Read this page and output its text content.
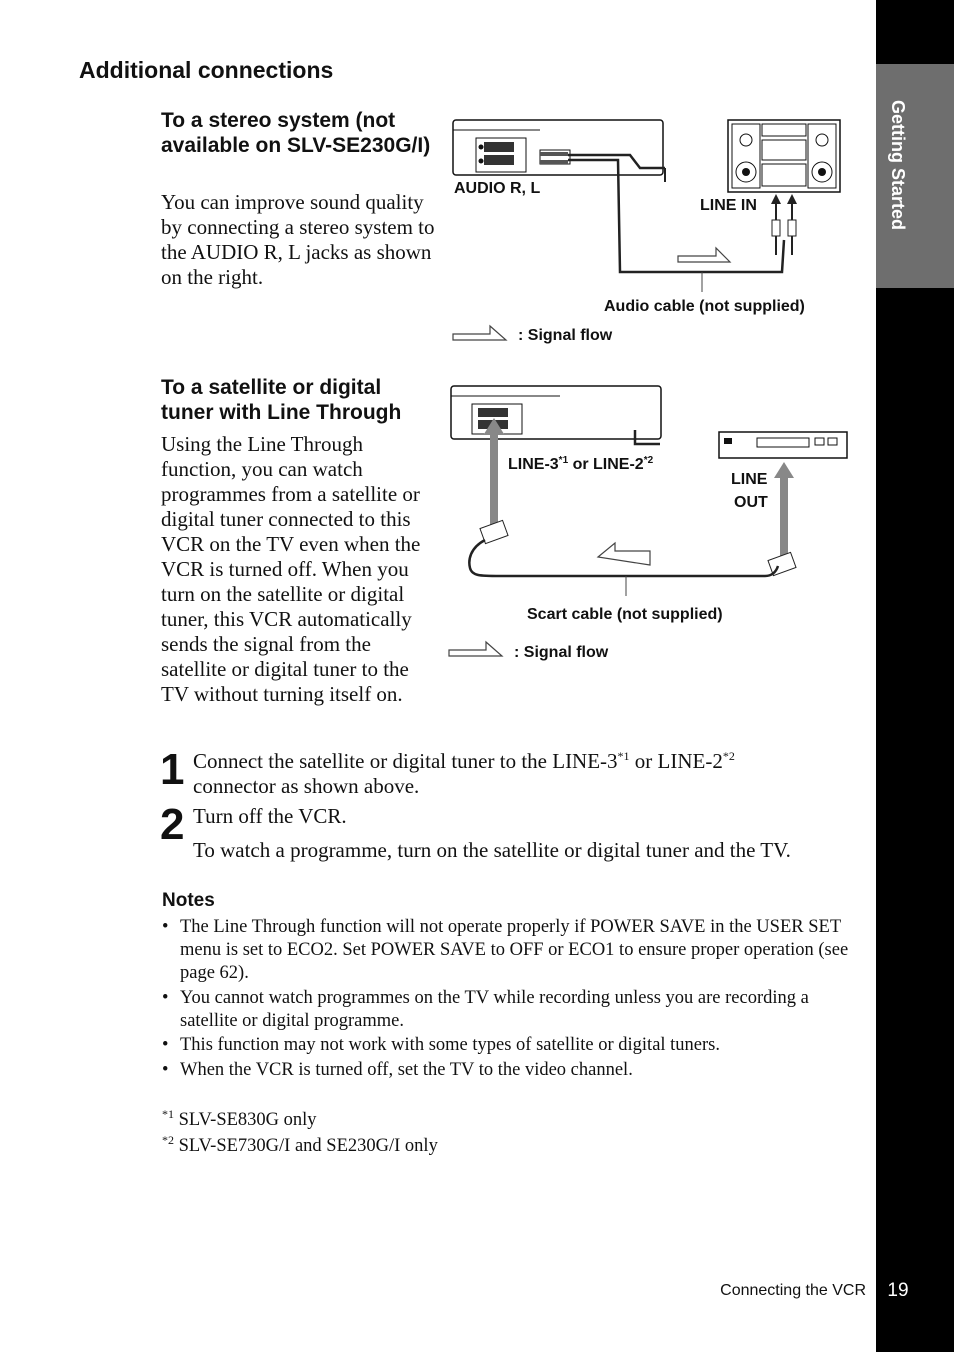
Getting Started
19
Connecting the VCR
Additional connections
To a stereo system (not available on SLV-SE230G/I)

You can improve sound quality by connecting a stereo system to the AUDIO R, L jacks as shown on the right.

AUDIO R, L
LINE IN
Audio cable (not supplied)
: Signal flow
To a satellite or digital tuner with Line Through

Using the Line Through function, you can watch programmes from a satellite or digital tuner connected to this VCR on the TV even when the VCR is turned off. When you turn on the satellite or digital tuner, this VCR automatically sends the signal from the satellite or digital tuner to the TV without turning itself on.

LINE-3$^{*1}$ or LINE-2$^{*2}$
LINE
OUT
Scart cable (not supplied)
: Signal flow
1 Connect the satellite or digital tuner to the LINE-3$^{*1}$ or LINE-2$^{*2}$
connector as shown above.
2 Turn off the VCR.
To watch a programme, turn on the satellite or digital tuner and the TV.
Notes
• The Line Through function will not operate properly if POWER SAVE in the USER SET menu is set to ECO2. Set POWER SAVE to OFF or ECO1 to ensure proper operation (see page 62).
• You cannot watch programmes on the TV while recording unless you are recording a satellite or digital programme.
• This function may not work with some types of satellite or digital tuners.
• When the VCR is turned off, set the TV to the video channel.
$^{*1}$ SLV-SE830G only
$^{*2}$ SLV-SE730G/I and SE230G/I only
